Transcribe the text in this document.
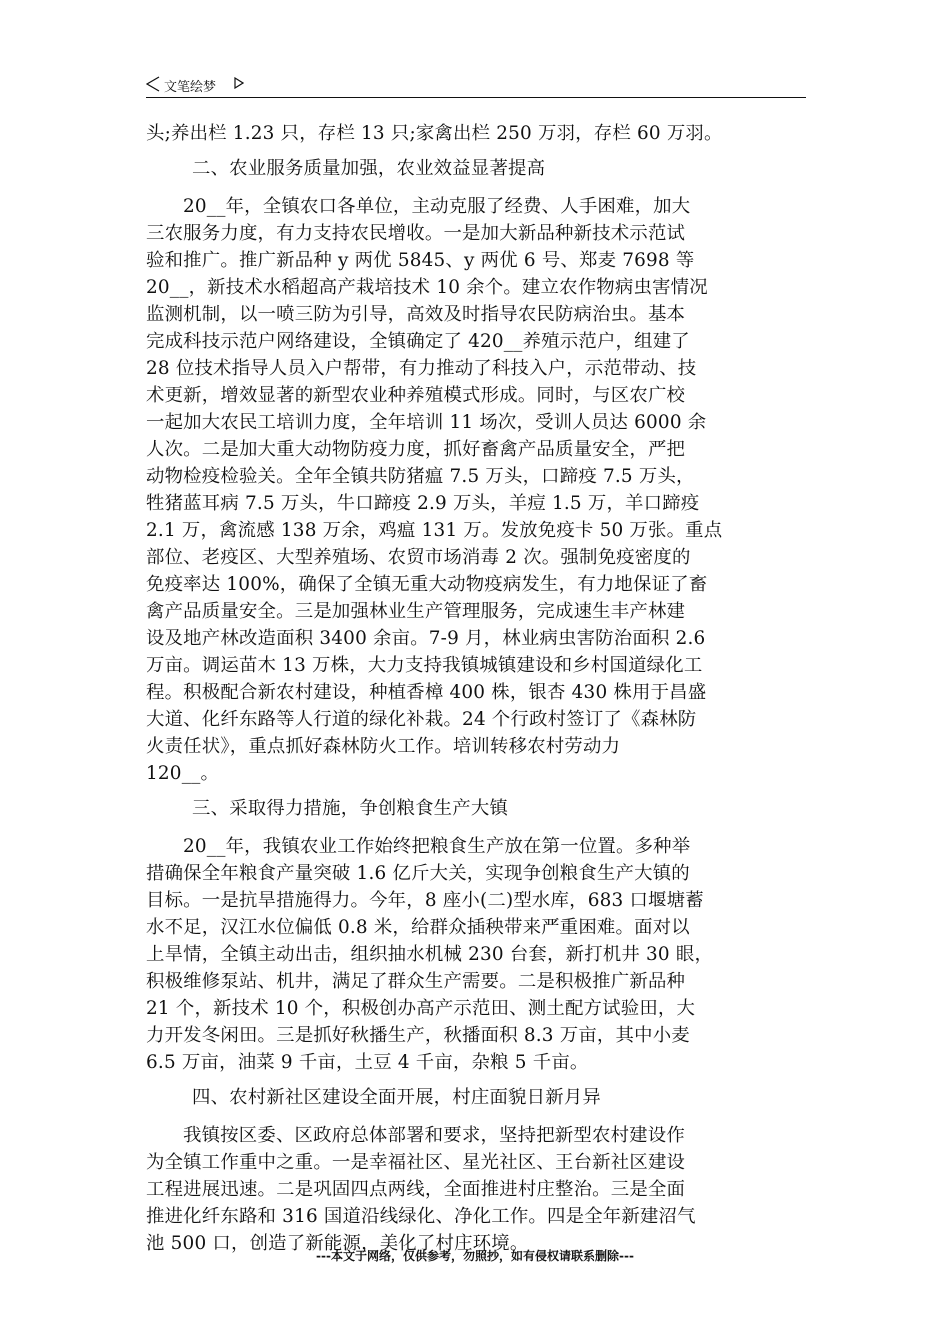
文笔绘梦
头;养出栏 1.23 只，存栏 13 只;家禽出栏 250 万羽，存栏 60 万羽。
二、农业服务质量加强，农业效益显著提高
20__年，全镇农口各单位，主动克服了经费、人手困难，加大
三农服务力度，有力支持农民增收。一是加大新品种新技术示范试
验和推广。推广新品种 y 两优 5845、y 两优 6 号、郑麦 7698 等
20__，新技术水稻超高产栽培技术 10 余个。建立农作物病虫害情况
监测机制，以一喷三防为引导，高效及时指导农民防病治虫。基本
完成科技示范户网络建设，全镇确定了 420__养殖示范户，组建了
28 位技术指导人员入户帮带，有力推动了科技入户，示范带动、技
术更新，增效显著的新型农业种养殖模式形成。同时，与区农广校
一起加大农民工培训力度，全年培训 11 场次，受训人员达 6000 余
人次。二是加大重大动物防疫力度，抓好畜禽产品质量安全，严把
动物检疫检验关。全年全镇共防猪瘟 7.5 万头，口蹄疫 7.5 万头，
牲猪蓝耳病 7.5 万头，牛口蹄疫 2.9 万头，羊痘 1.5 万，羊口蹄疫
2.1 万，禽流感 138 万余，鸡瘟 131 万。发放免疫卡 50 万张。重点
部位、老疫区、大型养殖场、农贸市场消毒 2 次。强制免疫密度的
免疫率达 100%，确保了全镇无重大动物疫病发生，有力地保证了畜
禽产品质量安全。三是加强林业生产管理服务，完成速生丰产林建
设及地产林改造面积 3400 余亩。7-9 月，林业病虫害防治面积 2.6
万亩。调运苗木 13 万株，大力支持我镇城镇建设和乡村国道绿化工
程。积极配合新农村建设，种植香樟 400 株，银杏 430 株用于昌盛
大道、化纤东路等人行道的绿化补栽。24 个行政村签订了《森林防
火责任状》，重点抓好森林防火工作。培训转移农村劳动力
120__。
三、采取得力措施，争创粮食生产大镇
20__年，我镇农业工作始终把粮食生产放在第一位置。多种举
措确保全年粮食产量突破 1.6 亿斤大关，实现争创粮食生产大镇的
目标。一是抗旱措施得力。今年，8 座小(二)型水库，683 口堰塘蓄
水不足，汉江水位偏低 0.8 米，给群众插秧带来严重困难。面对以
上旱情，全镇主动出击，组织抽水机械 230 台套，新打机井 30 眼，
积极维修泵站、机井，满足了群众生产需要。二是积极推广新品种
21 个，新技术 10 个，积极创办高产示范田、测土配方试验田，大
力开发冬闲田。三是抓好秋播生产，秋播面积 8.3 万亩，其中小麦
6.5 万亩，油菜 9 千亩，土豆 4 千亩，杂粮 5 千亩。
四、农村新社区建设全面开展，村庄面貌日新月异
我镇按区委、区政府总体部署和要求，坚持把新型农村建设作
为全镇工作重中之重。一是幸福社区、星光社区、王台新社区建设
工程进展迅速。二是巩固四点两线，全面推进村庄整治。三是全面
推进化纤东路和 316 国道沿线绿化、净化工作。四是全年新建沼气
池 500 口，创造了新能源，美化了村庄环境。
---本文于网络，仅供参考，勿照抄，如有侵权请联系删除---
